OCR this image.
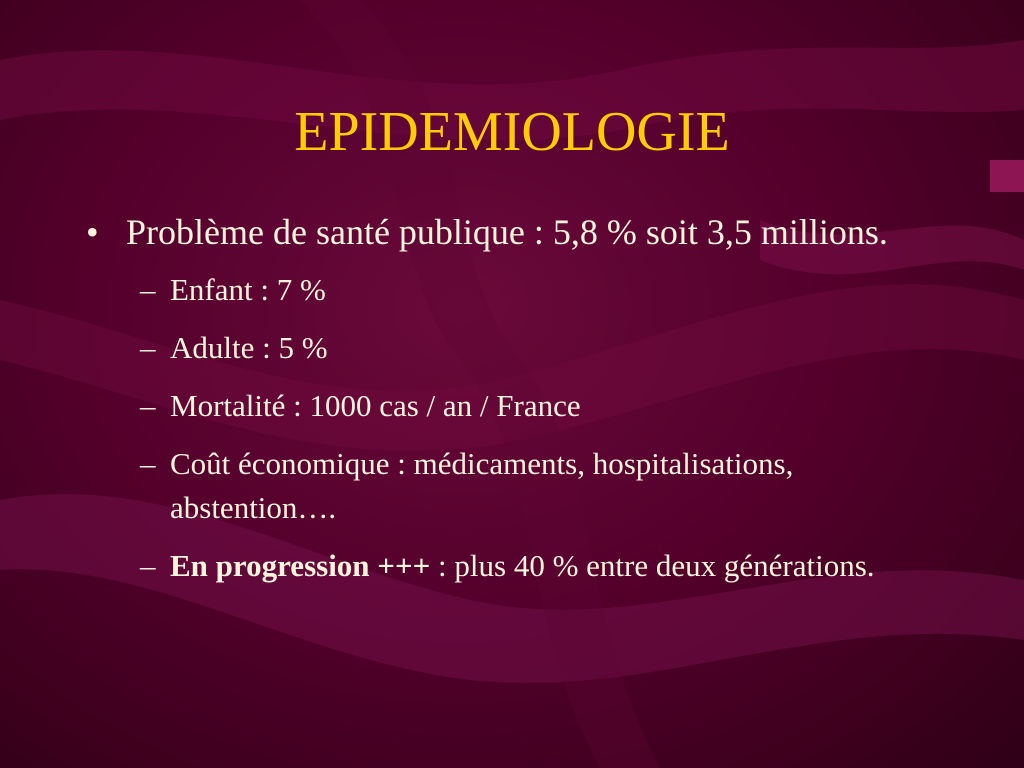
EPIDEMIOLOGIE
• Problème de santé publique : 5,8 % soit 3,5 millions.
– Enfant : 7 %
– Adulte : 5 %
– Mortalité : 1000 cas / an / France
– Coût économique : médicaments, hospitalisations, abstention….
– En progression +++ : plus 40 % entre deux générations.
